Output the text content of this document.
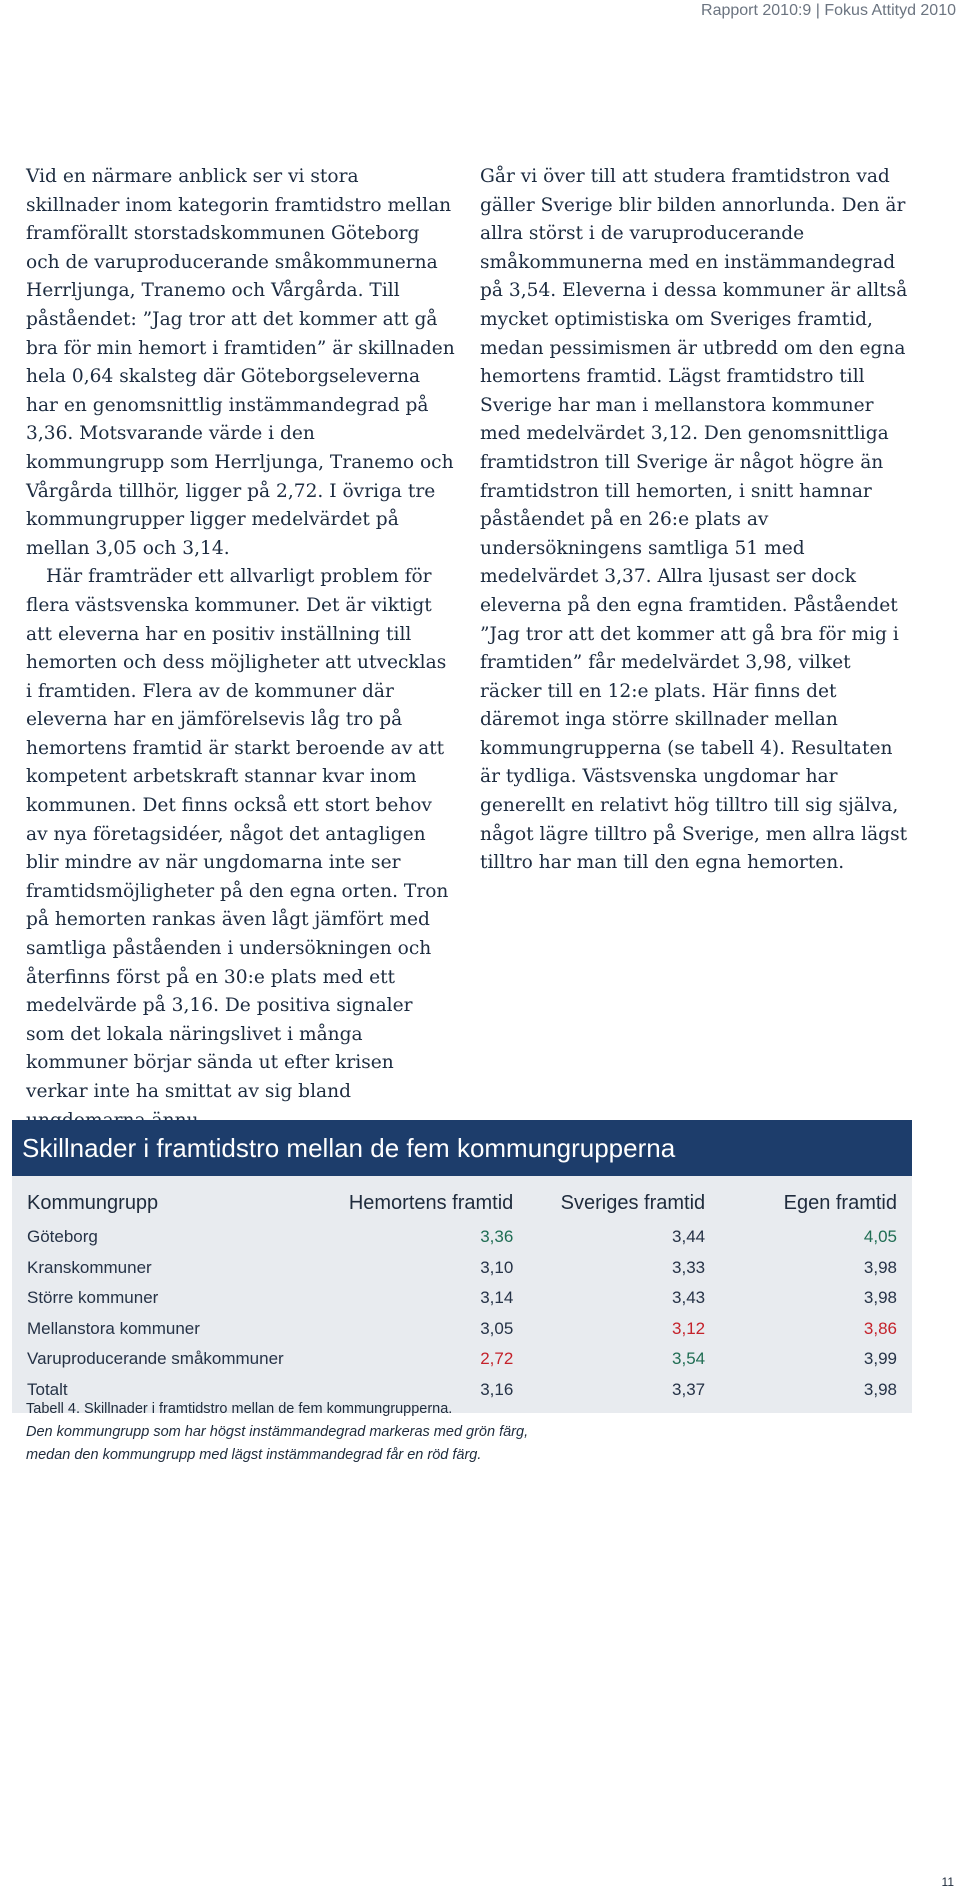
Rapport 2010:9 | Fokus Attityd 2010

Vid en närmare anblick ser vi stora skillnader inom kategorin framtidstro mellan framförallt storstadskommunen Göteborg och de varuproducerande småkommunerna Herrljunga, Tranemo och Vårgårda. Till påståendet: ”Jag tror att det kommer att gå bra för min hemort i framtiden” är skillnaden hela 0,64 skalsteg där Göteborgseleverna har en genomsnittlig instämmandegrad på 3,36. Motsvarande värde i den kommungrupp som Herrljunga, Tranemo och Vårgårda tillhör, ligger på 2,72. I övriga tre kommungrupper ligger medelvärdet på mellan 3,05 och 3,14.

Här framträder ett allvarligt problem för flera västsvenska kommuner. Det är viktigt att eleverna har en positiv inställning till hemorten och dess möjligheter att utvecklas i framtiden. Flera av de kommuner där eleverna har en jämförelsevis låg tro på hemortens framtid är starkt beroende av att kompetent arbetskraft stannar kvar inom kommunen. Det finns också ett stort behov av nya företagsidéer, något det antagligen blir mindre av när ungdomarna inte ser framtidsmöjligheter på den egna orten. Tron på hemorten rankas även lågt jämfört med samtliga påståenden i undersökningen och återfinns först på en 30:e plats med ett medelvärde på 3,16. De positiva signaler som det lokala näringslivet i många kommuner börjar sända ut efter krisen verkar inte ha smittat av sig bland

Går vi över till att studera framtidstron vad gäller Sverige blir bilden annorlunda. Den är allra störst i de varuproducerande småkommunerna med en instämmandegrad på 3,54. Eleverna i dessa kommuner är alltså mycket optimistiska om Sveriges framtid, medan pessimismen är utbredd om den egna hemortens framtid. Lägst framtidstro till Sverige har man i mellanstora kommuner med medelvärdet 3,12. Den genomsnittliga framtidstron till Sverige är något högre än framtidstron till hemorten, i snitt hamnar påståendet på en 26:e plats av undersökningens samtliga 51 med medelvärdet 3,37. Allra ljusast ser dock eleverna på den egna framtiden. Påståendet ”Jag tror att det kommer att gå bra för mig i framtiden” får medelvärdet 3,98, vilket räcker till en 12:e plats. Här finns det däremot inga större skillnader mellan kommungrupperna (se tabell 4). Resultaten är tydliga. Västsvenska ungdomar har generellt en relativt hög tilltro till sig själva, något lägre tilltro på Sverige, men allra lägst tilltro har man till den egna hemorten.

Skillnader i framtidstro mellan de fem kommungrupperna
Kommungrupp	Hemortens framtid	Sveriges framtid	Egen framtid
Göteborg	3,36	3,44	4,05
Kranskommuner	3,10	3,33	3,98
Större kommuner	3,14	3,43	3,98
Mellanstora kommuner	3,05	3,12	3,86
Varuproducerande småkommuner	2,72	3,54	3,99
Totalt	3,16	3,37	3,98
Tabell 4. Skillnader i framtidstro mellan de fem kommungrupperna.
Den kommungrupp som har högst instämmandegrad markeras med grön färg,
medan den kommungrupp med lägst instämmandegrad får en röd färg.
11
